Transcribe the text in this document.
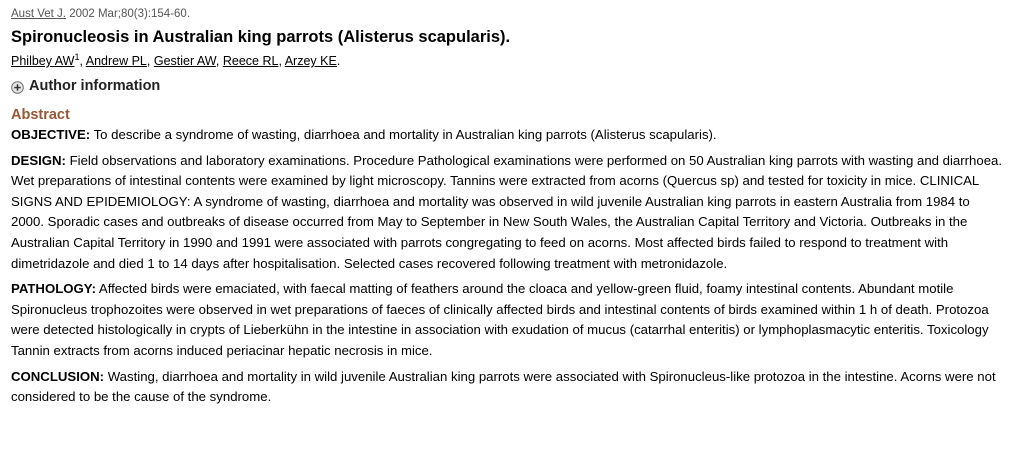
Aust Vet J. 2002 Mar;80(3):154-60.
Spironucleosis in Australian king parrots (Alisterus scapularis).
Philbey $AW^1$, Andrew PL, Gestier AW, Reece RL, Arzey KE.
Author information
Abstract

OBJECTIVE: To describe a syndrome of wasting, diarrhoea and mortality in Australian king parrots (Alisterus scapularis).

DESIGN: Field observations and laboratory examinations. Procedure Pathological examinations were performed on 50 Australian king parrots with wasting and diarrhoea. Wet preparations of intestinal contents were examined by light microscopy. Tannins were extracted from acorns (Quercus sp) and tested for toxicity in mice. CLINICAL SIGNS AND EPIDEMIOLOGY: A syndrome of wasting, diarrhoea and mortality was observed in wild juvenile Australian king parrots in eastern Australia from 1984 to 2000. Sporadic cases and outbreaks of disease occurred from May to September in New South Wales, the Australian Capital Territory and Victoria. Outbreaks in the Australian Capital Territory in 1990 and 1991 were associated with parrots congregating to feed on acorns. Most affected birds failed to respond to treatment with dimetridazole and died 1 to 14 days after hospitalisation. Selected cases recovered following treatment with metronidazole.

PATHOLOGY: Affected birds were emaciated, with faecal matting of feathers around the cloaca and yellow-green fluid, foamy intestinal contents. Abundant motile Spironucleus trophozoites were observed in wet preparations of faeces of clinically affected birds and intestinal contents of birds examined within 1 h of death. Protozoa were detected histologically in crypts of Lieberkühn in the intestine in association with exudation of mucus (catarrhal enteritis) or lymphoplasmacytic enteritis. Toxicology Tannin extracts from acorns induced periacinar hepatic necrosis in mice.

CONCLUSION: Wasting, diarrhoea and mortality in wild juvenile Australian king parrots were associated with Spironucleus-like protozoa in the intestine. Acorns were not considered to be the cause of the syndrome.
